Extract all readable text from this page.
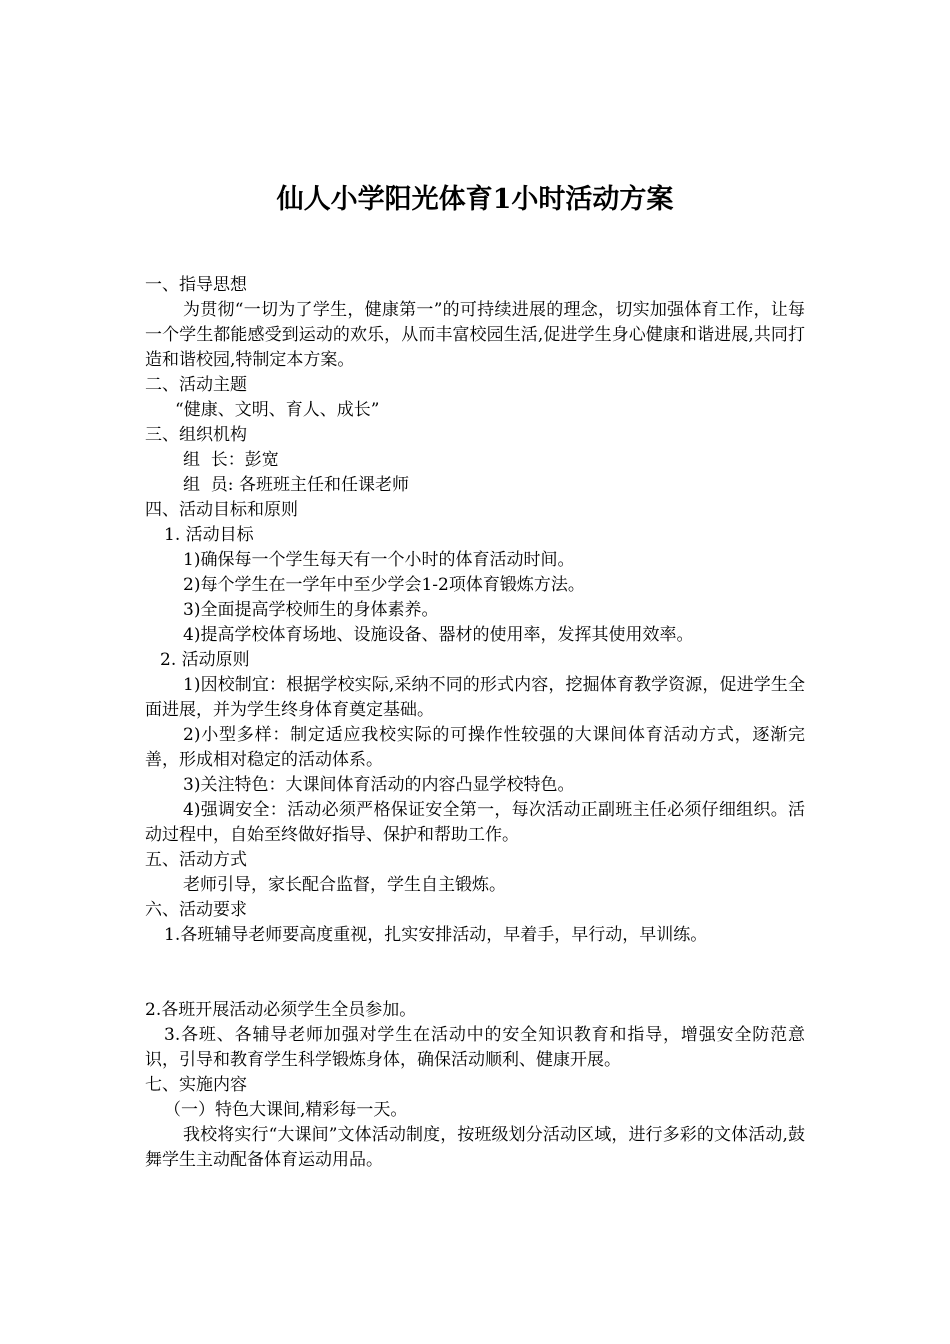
仙人小学阳光体育1小时活动方案
一、指导思想
为贯彻“一切为了学生，健康第一”的可持续进展的理念，切实加强体育工作，让每一个学生都能感受到运动的欢乐，从而丰富校园生活,促进学生身心健康和谐进展,共同打造和谐校园,特制定本方案。
二、活动主题
“健康、文明、育人、成长”
三、组织机构
组  长：彭宽
组  员: 各班班主任和任课老师
四、活动目标和原则
1. 活动目标
1)确保每一个学生每天有一个小时的体育活动时间。
2)每个学生在一学年中至少学会1-2项体育锻炼方法。
3)全面提高学校师生的身体素养。
4)提高学校体育场地、设施设备、器材的使用率，发挥其使用效率。
2. 活动原则
1)因校制宜：根据学校实际,采纳不同的形式内容，挖掘体育教学资源，促进学生全面进展，并为学生终身体育奠定基础。
2)小型多样：制定适应我校实际的可操作性较强的大课间体育活动方式，逐渐完善，形成相对稳定的活动体系。
3)关注特色：大课间体育活动的内容凸显学校特色。
4)强调安全：活动必须严格保证安全第一，每次活动正副班主任必须仔细组织。活动过程中，自始至终做好指导、保护和帮助工作。
五、活动方式
老师引导，家长配合监督，学生自主锻炼。
六、活动要求
1.各班辅导老师要高度重视，扎实安排活动，早着手，早行动，早训练。
2.各班开展活动必须学生全员参加。
3.各班、各辅导老师加强对学生在活动中的安全知识教育和指导，增强安全防范意识，引导和教育学生科学锻炼身体，确保活动顺利、健康开展。
七、实施内容
（一）特色大课间,精彩每一天。
我校将实行“大课间”文体活动制度，按班级划分活动区域，进行多彩的文体活动,鼓舞学生主动配备体育运动用品。
